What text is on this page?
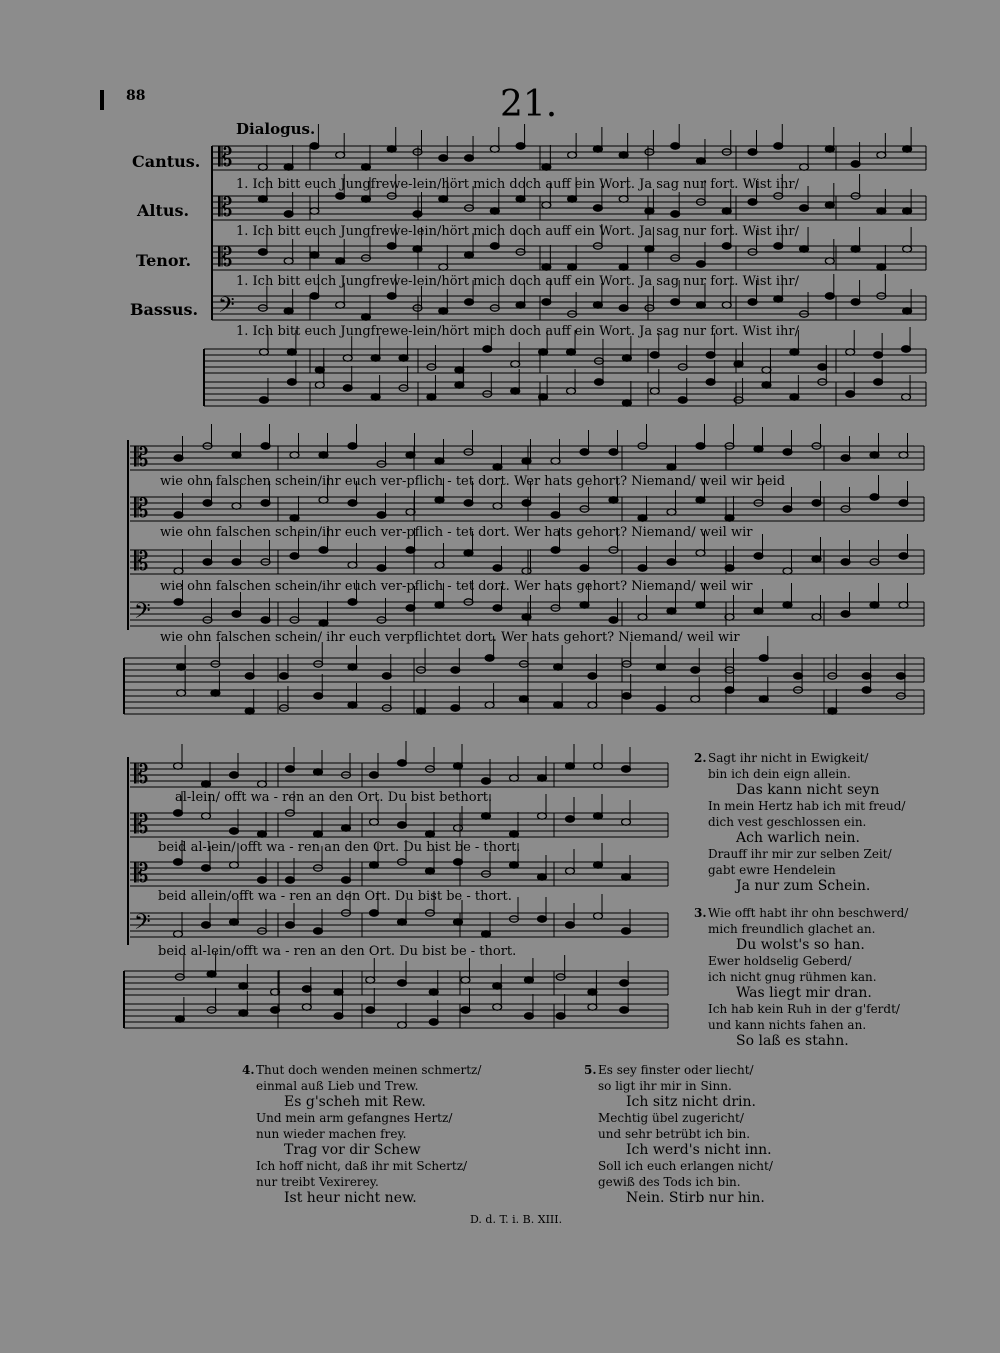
88	21.
Dialogus.
Cantus.
Altus.
Tenor.
Bassus.
𝄡
𝄡
𝄡
𝄢
𝄡
𝄡
𝄡
𝄢
𝄡
𝄡
𝄡
𝄢
1. Ich bitt euch Jungfrewe-lein/hört mich doch auff ein Wort. Ja sag nur fort. Wist ihr/
1. Ich bitt euch Jungfrewe-lein/hört mich doch auff ein Wort. Ja sag nur fort. Wist ihr/
1. Ich bitt euch Jungfrewe-lein/hört mich doch auff ein Wort. Ja sag nur fort. Wist ihr/
1. Ich bitt euch Jungfrewe-lein/hört mich doch auff ein Wort. Ja sag nur fort. Wist ihr/
wie ohn falschen schein/ihr euch ver-pflich - tet dort. Wer hats gehort? Niemand/ weil wir beid
wie ohn falschen schein/ihr euch ver-pflich - tet dort. Wer hats gehort? Niemand/ weil wir
wie ohn falschen schein/ihr euch ver-pflich - tet dort. Wer hats gehort? Niemand/ weil wir
wie ohn falschen schein/ ihr euch verpflichtet dort. Wer hats gehort? Niemand/ weil wir
al-lein/ offt wa - ren an den Ort. Du bist bethort.
beid al-lein/ offt wa - ren an den Ort. Du bist be - thort.
beid allein/offt wa - ren an den Ort. Du bist be - thort.
beid al-lein/offt wa - ren an den Ort. Du bist be - thort.
2. Sagt ihr nicht in Ewigkeit/
bin ich dein eign allein.
Das kann nicht seyn
In mein Hertz hab ich mit freud/
dich vest geschlossen ein.
Ach warlich nein.
Drauff ihr mir zur selben Zeit/
gabt ewre Hendelein
Ja nur zum Schein.
3. Wie offt habt ihr ohn beschwerd/
mich freundlich glachet an.
Du wolst's so han.
Ewer holdselig Geberd/
ich nicht gnug rühmen kan.
Was liegt mir dran.
Ich hab kein Ruh in der g'ferdt/
und kann nichts fahen an.
So laß es stahn.
4. Thut doch wenden meinen schmertz/
einmal auß Lieb und Trew.
Es g'scheh mit Rew.
Und mein arm gefangnes Hertz/
nun wieder machen frey.
Trag vor dir Schew
Ich hoff nicht, daß ihr mit Schertz/
nur treibt Vexirerey.
Ist heur nicht new.
5. Es sey finster oder liecht/
so ligt ihr mir in Sinn.
Ich sitz nicht drin.
Mechtig übel zugericht/
und sehr betrübt ich bin.
Ich werd's nicht inn.
Soll ich euch erlangen nicht/
gewiß des Tods ich bin.
Nein. Stirb nur hin.
D. d. T. i. B. XIII.
